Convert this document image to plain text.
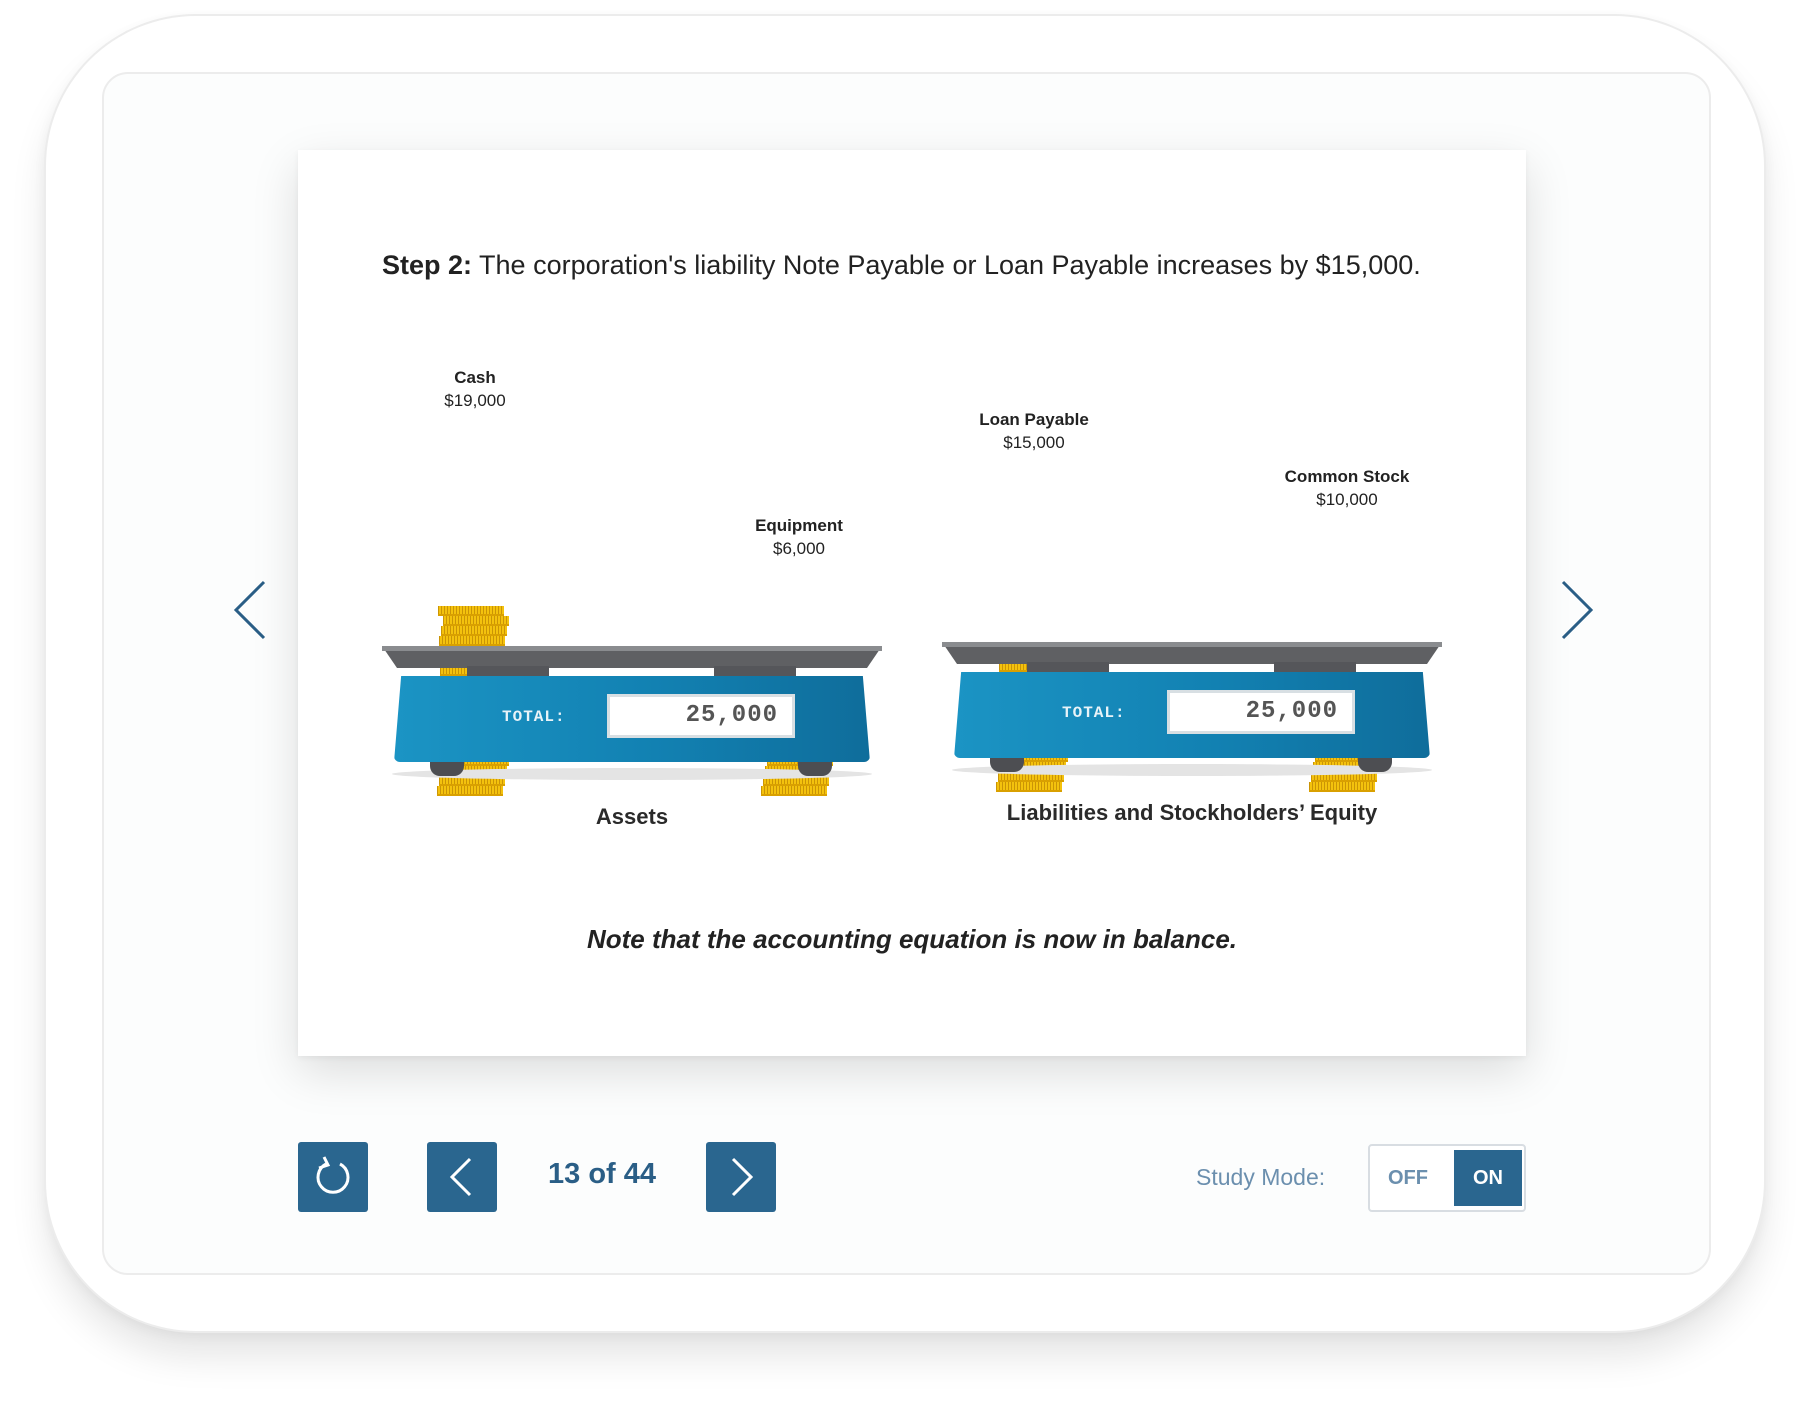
Step 2: The corporation's liability Note Payable or Loan Payable increases by $15,000.
Cash
$19,000
Equipment
$6,000
TOTAL:	25,000
Assets
Loan Payable
$15,000
Common Stock
$10,000
TOTAL:	25,000
Liabilities and Stockholders’ Equity
Note that the accounting equation is now in balance.
13 of 44	Study Mode:	OFF	ON
